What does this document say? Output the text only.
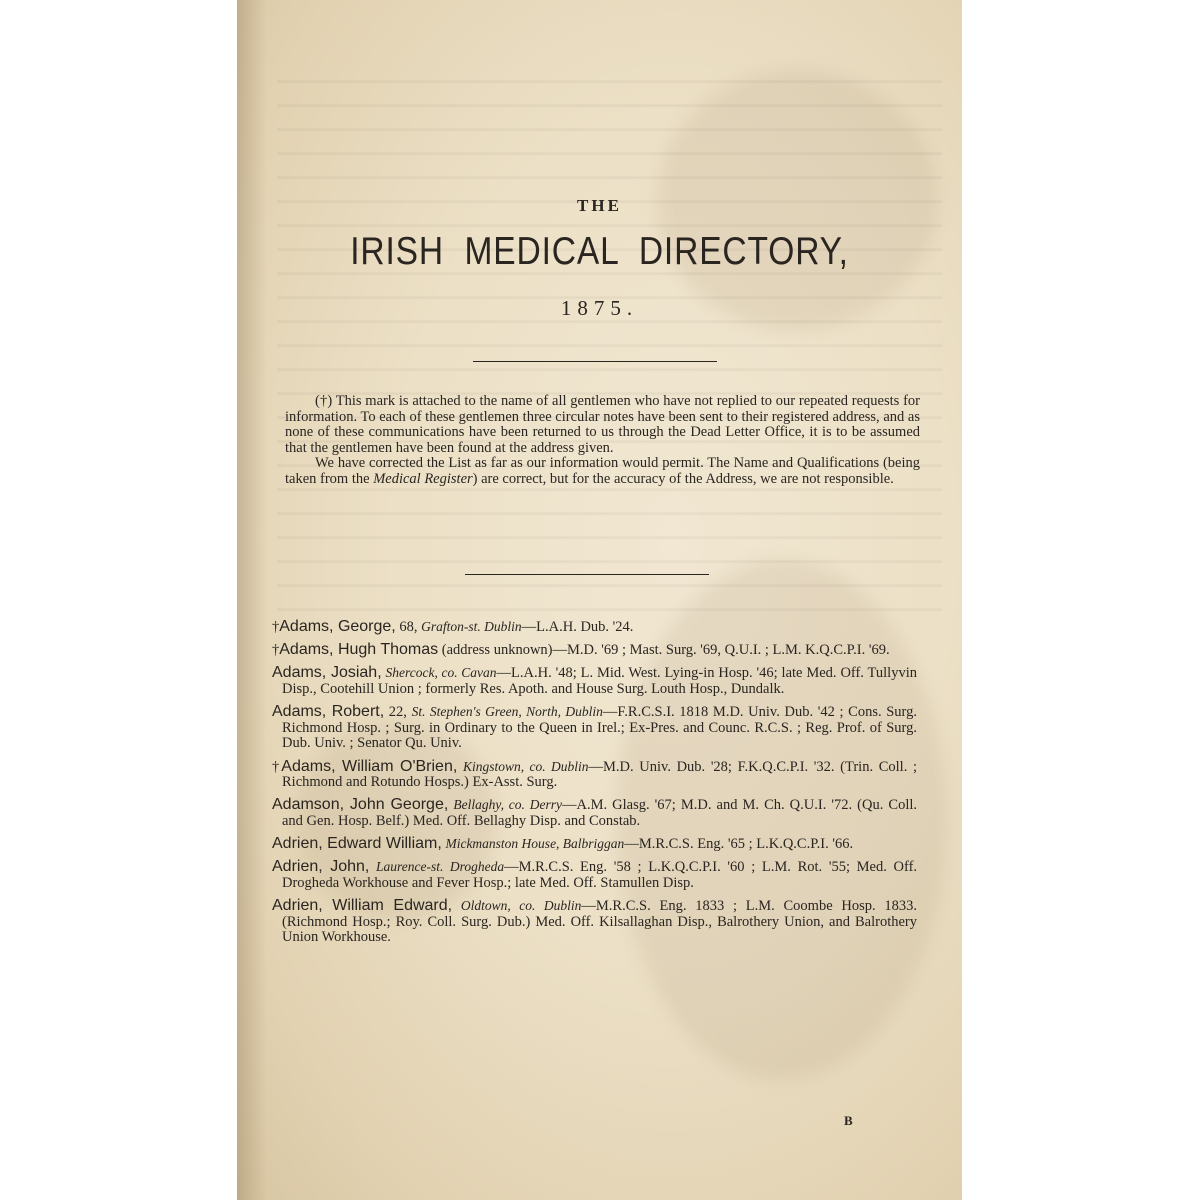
THE
IRISH MEDICAL DIRECTORY,
1875.

(†) This mark is attached to the name of all gentlemen who have not replied to our repeated requests for information. To each of these gentlemen three circular notes have been sent to their registered address, and as none of these communications have been returned to us through the Dead Letter Office, it is to be assumed that the gentlemen have been found at the address given.

We have corrected the List as far as our information would permit. The Name and Qualifications (being taken from the Medical Register) are correct, but for the accuracy of the Address, we are not responsible.

†Adams, George, 68, Grafton-st. Dublin—L.A.H. Dub. '24.
†Adams, Hugh Thomas (address unknown)—M.D. '69 ; Mast. Surg. '69, Q.U.I. ; L.M. K.Q.C.P.I. '69.
Adams, Josiah, Shercock, co. Cavan—L.A.H. '48; L. Mid. West. Lying-in Hosp. '46; late Med. Off. Tullyvin Disp., Cootehill Union ; formerly Res. Apoth. and House Surg. Louth Hosp., Dundalk.
Adams, Robert, 22, St. Stephen's Green, North, Dublin—F.R.C.S.I. 1818 M.D. Univ. Dub. '42 ; Cons. Surg. Richmond Hosp. ; Surg. in Ordinary to the Queen in Irel.; Ex-Pres. and Counc. R.C.S. ; Reg. Prof. of Surg. Dub. Univ. ; Senator Qu. Univ.
†Adams, William O'Brien, Kingstown, co. Dublin—M.D. Univ. Dub. '28; F.K.Q.C.P.I. '32. (Trin. Coll. ; Richmond and Rotundo Hosps.) Ex-Asst. Surg.
Adamson, John George, Bellaghy, co. Derry—A.M. Glasg. '67; M.D. and M. Ch. Q.U.I. '72. (Qu. Coll. and Gen. Hosp. Belf.) Med. Off. Bellaghy Disp. and Constab.
Adrien, Edward William, Mickmanston House, Balbriggan—M.R.C.S. Eng. '65 ; L.K.Q.C.P.I. '66.
Adrien, John, Laurence-st. Drogheda—M.R.C.S. Eng. '58 ; L.K.Q.C.P.I. '60 ; L.M. Rot. '55; Med. Off. Drogheda Workhouse and Fever Hosp.; late Med. Off. Stamullen Disp.
Adrien, William Edward, Oldtown, co. Dublin—M.R.C.S. Eng. 1833 ; L.M. Coombe Hosp. 1833. (Richmond Hosp.; Roy. Coll. Surg. Dub.) Med. Off. Kilsallaghan Disp., Balrothery Union, and Balrothery Union Workhouse.
B
